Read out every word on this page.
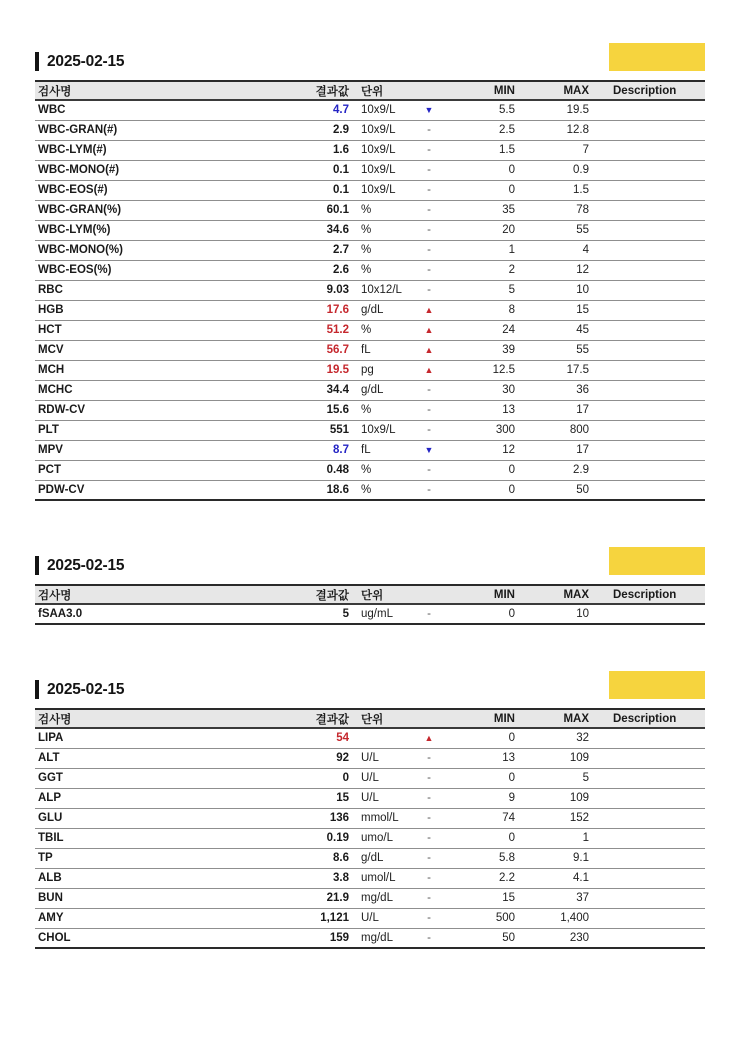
2025-02-15
검사명	결과값	단위		MIN	MAX	Description
WBC	4.7	10x9/L	▼	5.5	19.5	
WBC-GRAN(#)	2.9	10x9/L	-	2.5	12.8	
WBC-LYM(#)	1.6	10x9/L	-	1.5	7	
WBC-MONO(#)	0.1	10x9/L	-	0	0.9	
WBC-EOS(#)	0.1	10x9/L	-	0	1.5	
WBC-GRAN(%)	60.1	%	-	35	78	
WBC-LYM(%)	34.6	%	-	20	55	
WBC-MONO(%)	2.7	%	-	1	4	
WBC-EOS(%)	2.6	%	-	2	12	
RBC	9.03	10x12/L	-	5	10	
HGB	17.6	g/dL	▲	8	15	
HCT	51.2	%	▲	24	45	
MCV	56.7	fL	▲	39	55	
MCH	19.5	pg	▲	12.5	17.5	
MCHC	34.4	g/dL	-	30	36	
RDW-CV	15.6	%	-	13	17	
PLT	551	10x9/L	-	300	800	
MPV	8.7	fL	▼	12	17	
PCT	0.48	%	-	0	2.9	
PDW-CV	18.6	%	-	0	50	
2025-02-15
검사명	결과값	단위		MIN	MAX	Description
fSAA3.0	5	ug/mL	-	0	10	
2025-02-15
검사명	결과값	단위		MIN	MAX	Description
LIPA	54		▲	0	32	
ALT	92	U/L	-	13	109	
GGT	0	U/L	-	0	5	
ALP	15	U/L	-	9	109	
GLU	136	mmol/L	-	74	152	
TBIL	0.19	umo/L	-	0	1	
TP	8.6	g/dL	-	5.8	9.1	
ALB	3.8	umol/L	-	2.2	4.1	
BUN	21.9	mg/dL	-	15	37	
AMY	1,121	U/L	-	500	1,400	
CHOL	159	mg/dL	-	50	230	
